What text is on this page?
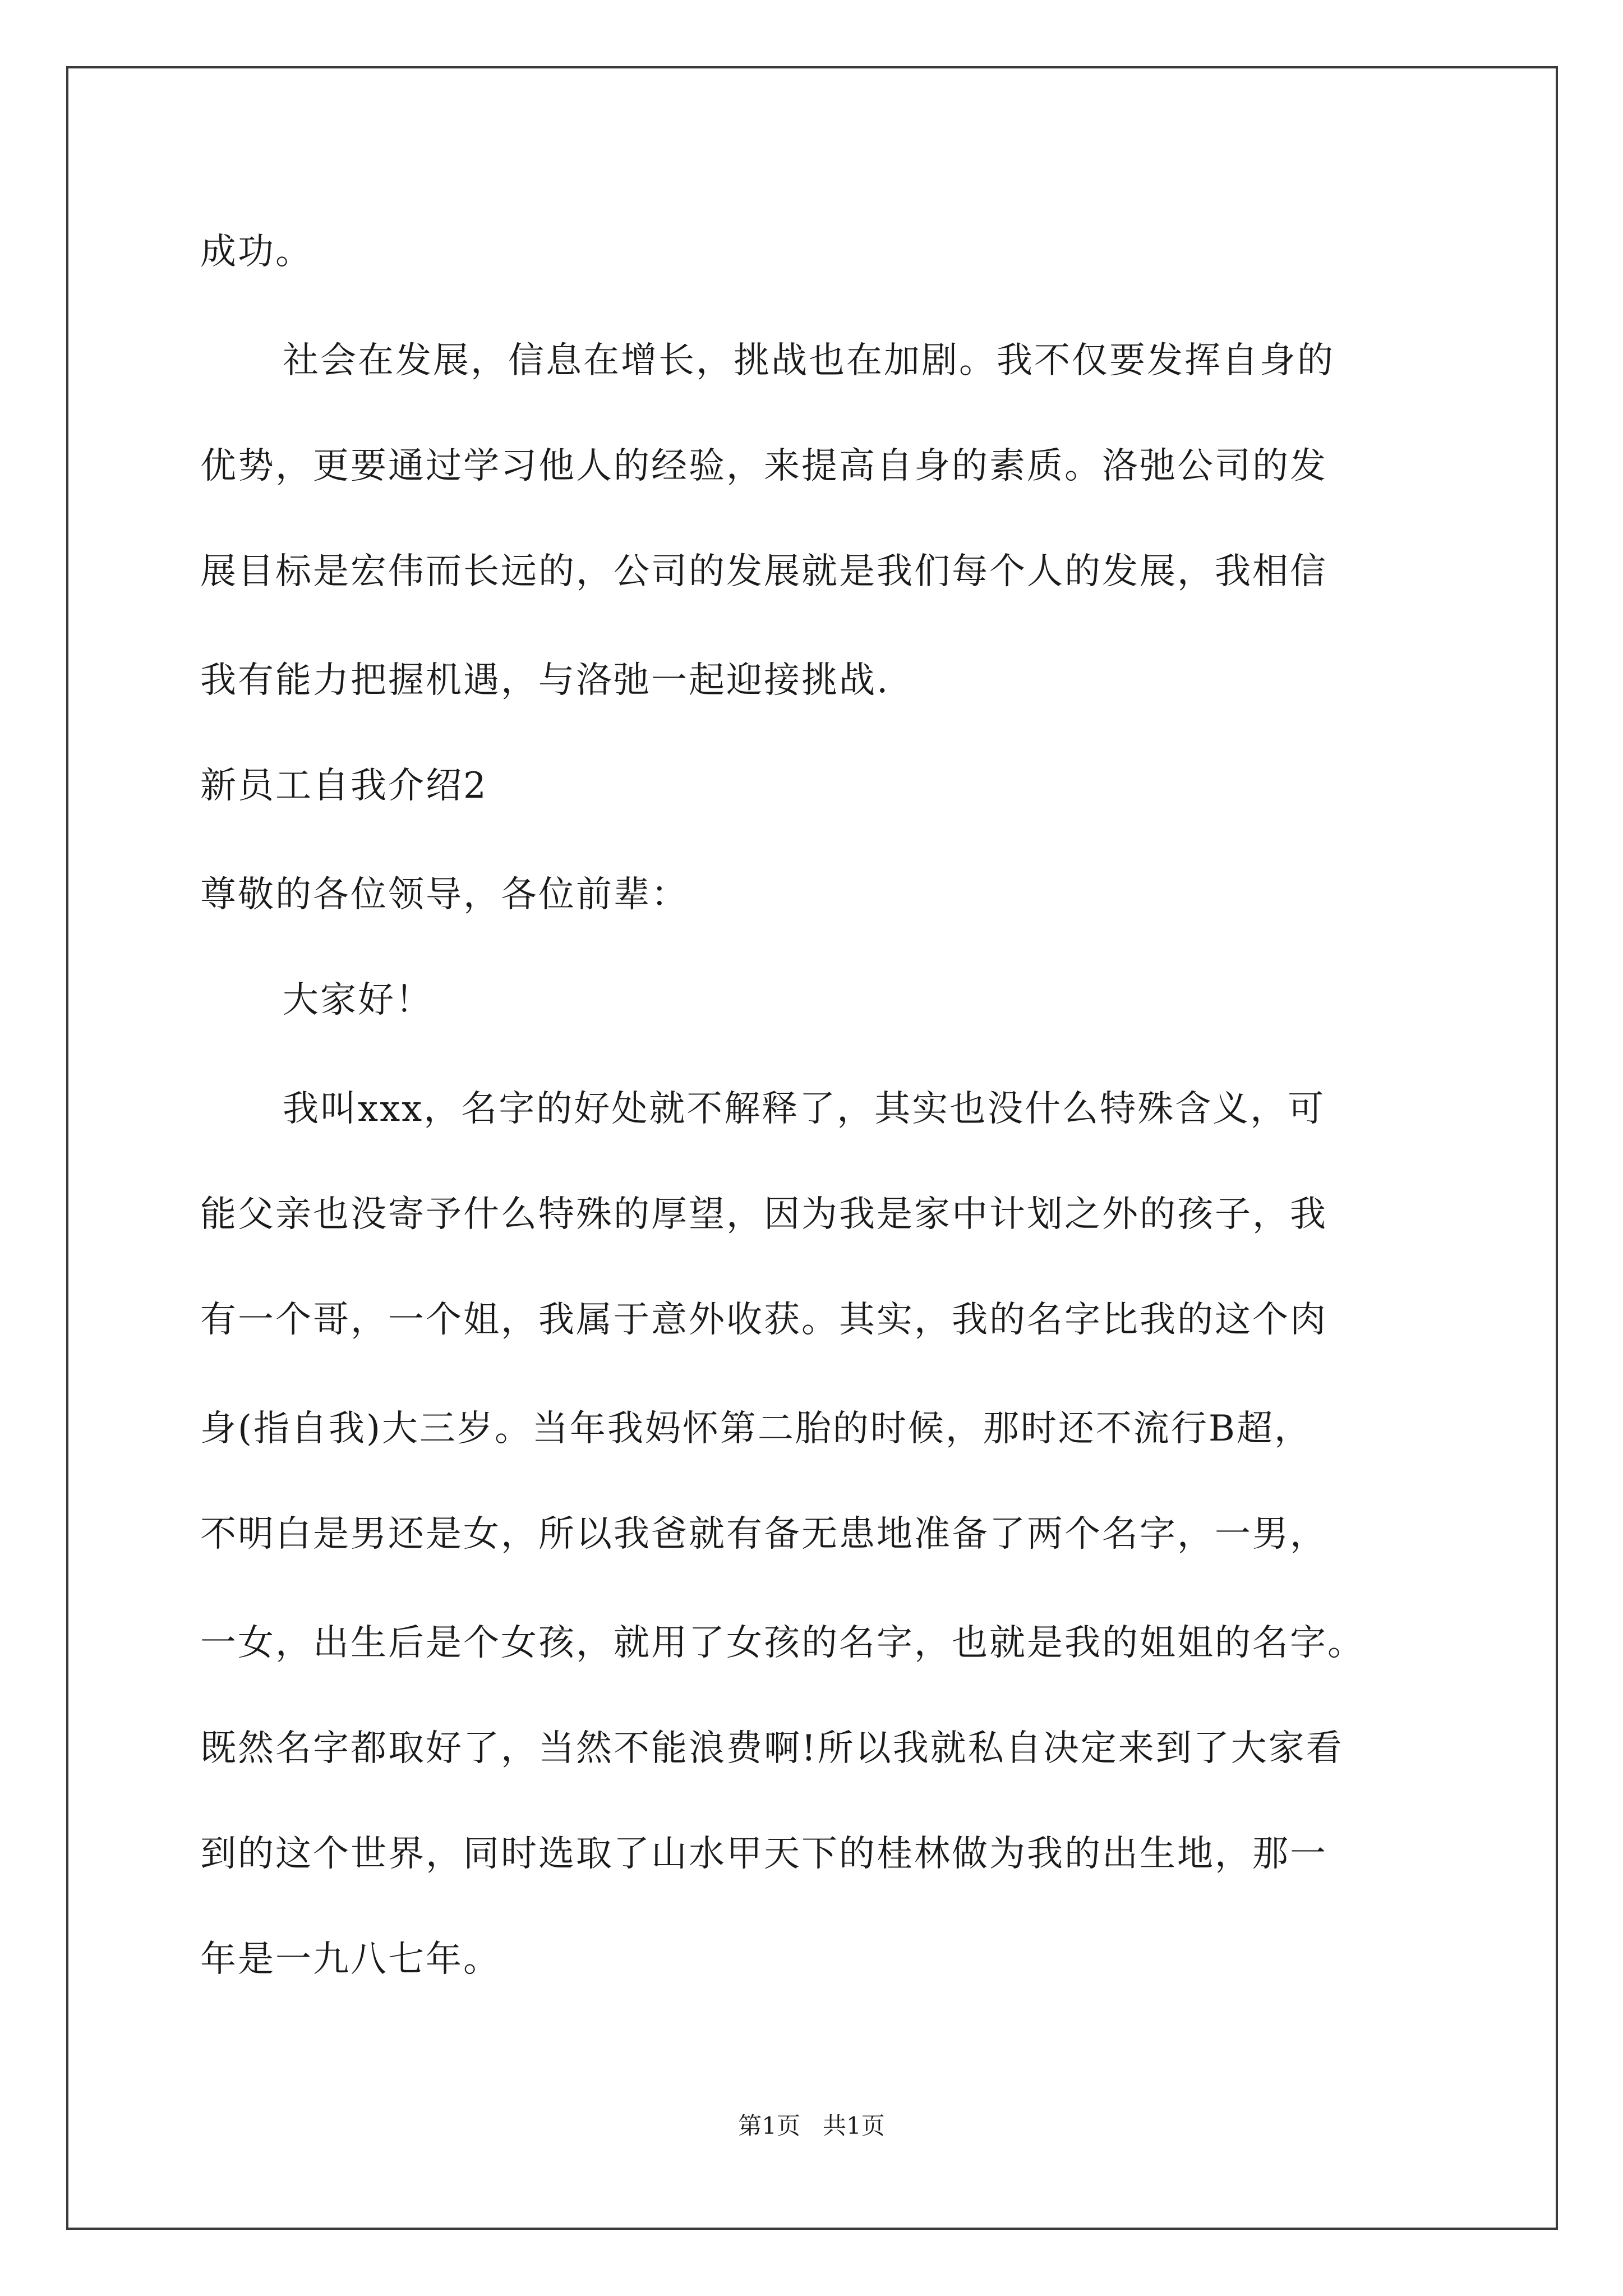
成功。
社会在发展，信息在增长，挑战也在加剧。我不仅要发挥自身的
优势，更要通过学习他人的经验，来提高自身的素质。洛弛公司的发
展目标是宏伟而长远的，公司的发展就是我们每个人的发展，我相信
我有能力把握机遇，与洛弛一起迎接挑战.
新员工自我介绍2
尊敬的各位领导，各位前辈：
大家好！
我叫xxx，名字的好处就不解释了，其实也没什么特殊含义，可
能父亲也没寄予什么特殊的厚望，因为我是家中计划之外的孩子，我
有一个哥，一个姐，我属于意外收获。其实，我的名字比我的这个肉
身(指自我)大三岁。当年我妈怀第二胎的时候，那时还不流行B超，
不明白是男还是女，所以我爸就有备无患地准备了两个名字，一男，
一女，出生后是个女孩，就用了女孩的名字，也就是我的姐姐的名字。
既然名字都取好了，当然不能浪费啊!所以我就私自决定来到了大家看
到的这个世界，同时选取了山水甲天下的桂林做为我的出生地，那一
年是一九八七年。
第1页   共1页
